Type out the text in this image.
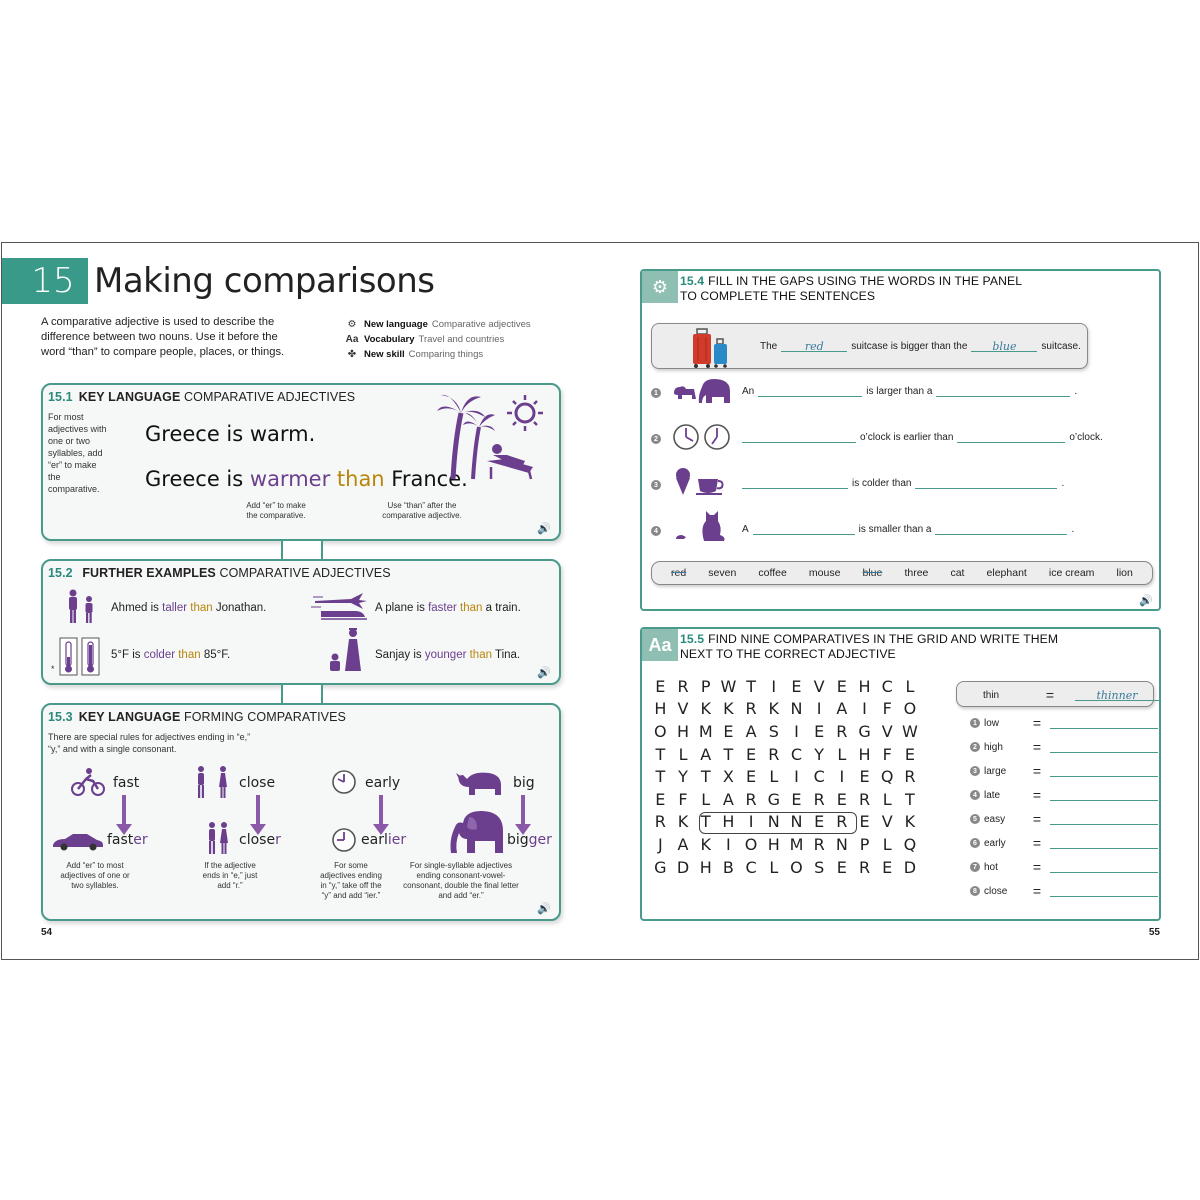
15 Making comparisons
A comparative adjective is used to describe the difference between two nouns. Use it before the word “than” to compare people, places, or things.
⚙ New language Comparative adjectives
Aa Vocabulary Travel and countries
✤ New skill Comparing things
15.1 KEY LANGUAGE COMPARATIVE ADJECTIVES
For most adjectives with one or two syllables, add “er” to make the comparative.
Greece is warm.
Greece is warmer than France.
Add “er” to make the comparative.
Use “than” after the comparative adjective.
🔊
15.2 FURTHER EXAMPLES COMPARATIVE ADJECTIVES
Ahmed is taller than Jonathan.	A plane is faster than a train.
*
5°F is colder than 85°F.	Sanjay is younger than Tina.
🔊
15.3 KEY LANGUAGE FORMING COMPARATIVES
There are special rules for adjectives ending in “e,” “y,” and with a single consonant.
fast
faster
Add “er” to most adjectives of one or two syllables.
close
closer
If the adjective ends in “e,” just add “r.”
early
earlier
For some adjectives ending in “y,” take off the “y” and add “ier.”
big
bigger
For single-syllable adjectives ending consonant-vowel-consonant, double the final letter and add “er.”
🔊
54
⚙ 15.4 FILL IN THE GAPS USING THE WORDS IN THE PANEL
TO COMPLETE THE SENTENCES
The	red	suitcase is bigger than the	blue	suitcase.
1	An	is larger than a	.
2	o’clock is earlier than	o’clock.
3	is colder than	.
4	A	is smaller than a	.
red seven coffee mouse blue three cat elephant ice cream lion
🔊
Aa 15.5 FIND NINE COMPARATIVES IN THE GRID AND WRITE THEM
NEXT TO THE CORRECT ADJECTIVE
E R P W T I E V E H C L
H V K K R K N I A I F O
O H M E A S I E R G V W
T L A T E R C Y L H F E
T Y T X E L I C I E Q R
E F L A R G E R E R L T
R K T H I N N E R E V K
J A K I O H M R N P L Q
G D H B C L O S E R E D
thin	=	thinner
1 low	=
2 high	=
3 large	=
4 late	=
5 easy	=
6 early	=
7 hot	=
8 close	=
55
